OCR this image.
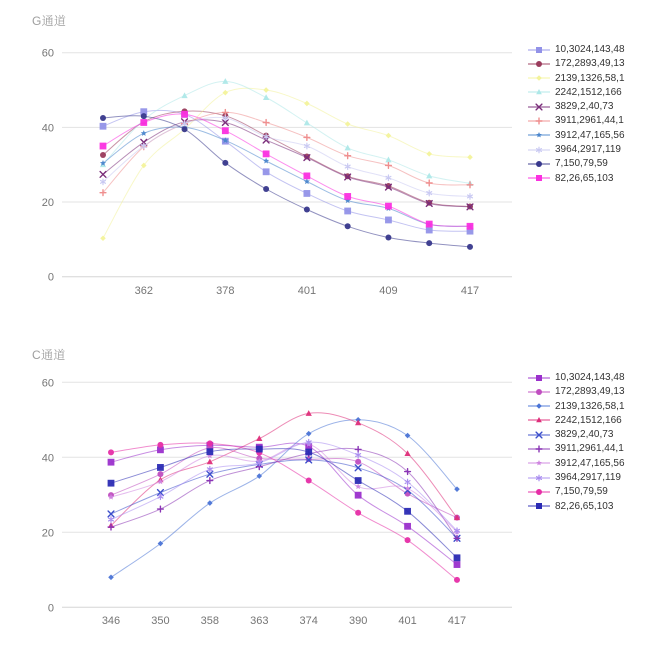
0
20
40
60
362	378	401	409	417
G通道
10,3024,143,48
172,2893,49,13
2139,1326,58,1
2242,1512,166
3829,2,40,73
3911,2961,44,1
3912,47,165,56
3964,2917,119
7,150,79,59
82,26,65,103
0
20
40
60
346	350	358	363	374	390	401	417
C通道
10,3024,143,48
172,2893,49,13
2139,1326,58,1
2242,1512,166
3829,2,40,73
3911,2961,44,1
3912,47,165,56
3964,2917,119
7,150,79,59
82,26,65,103
